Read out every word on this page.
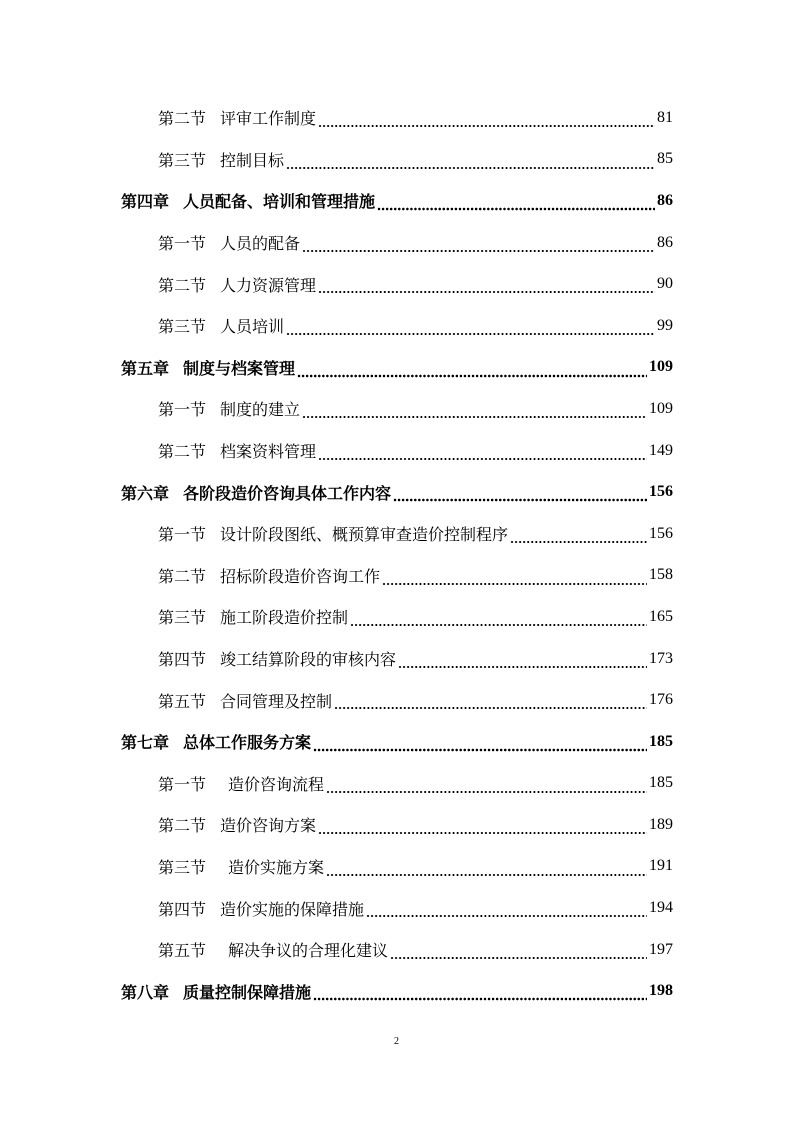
第二节 评审工作制度	81
第三节 控制目标	85
第四章 人员配备、培训和管理措施	86
第一节 人员的配备	86
第二节 人力资源管理	90
第三节 人员培训	99
第五章 制度与档案管理	109
第一节 制度的建立	109
第二节 档案资料管理	149
第六章 各阶段造价咨询具体工作内容	156
第一节 设计阶段图纸、概预算审查造价控制程序	156
第二节 招标阶段造价咨询工作	158
第三节 施工阶段造价控制	165
第四节 竣工结算阶段的审核内容	173
第五节 合同管理及控制	176
第七章 总体工作服务方案	185
第一节 造价咨询流程	185
第二节 造价咨询方案	189
第三节 造价实施方案	191
第四节 造价实施的保障措施	194
第五节 解决争议的合理化建议	197
第八章 质量控制保障措施	198
2
